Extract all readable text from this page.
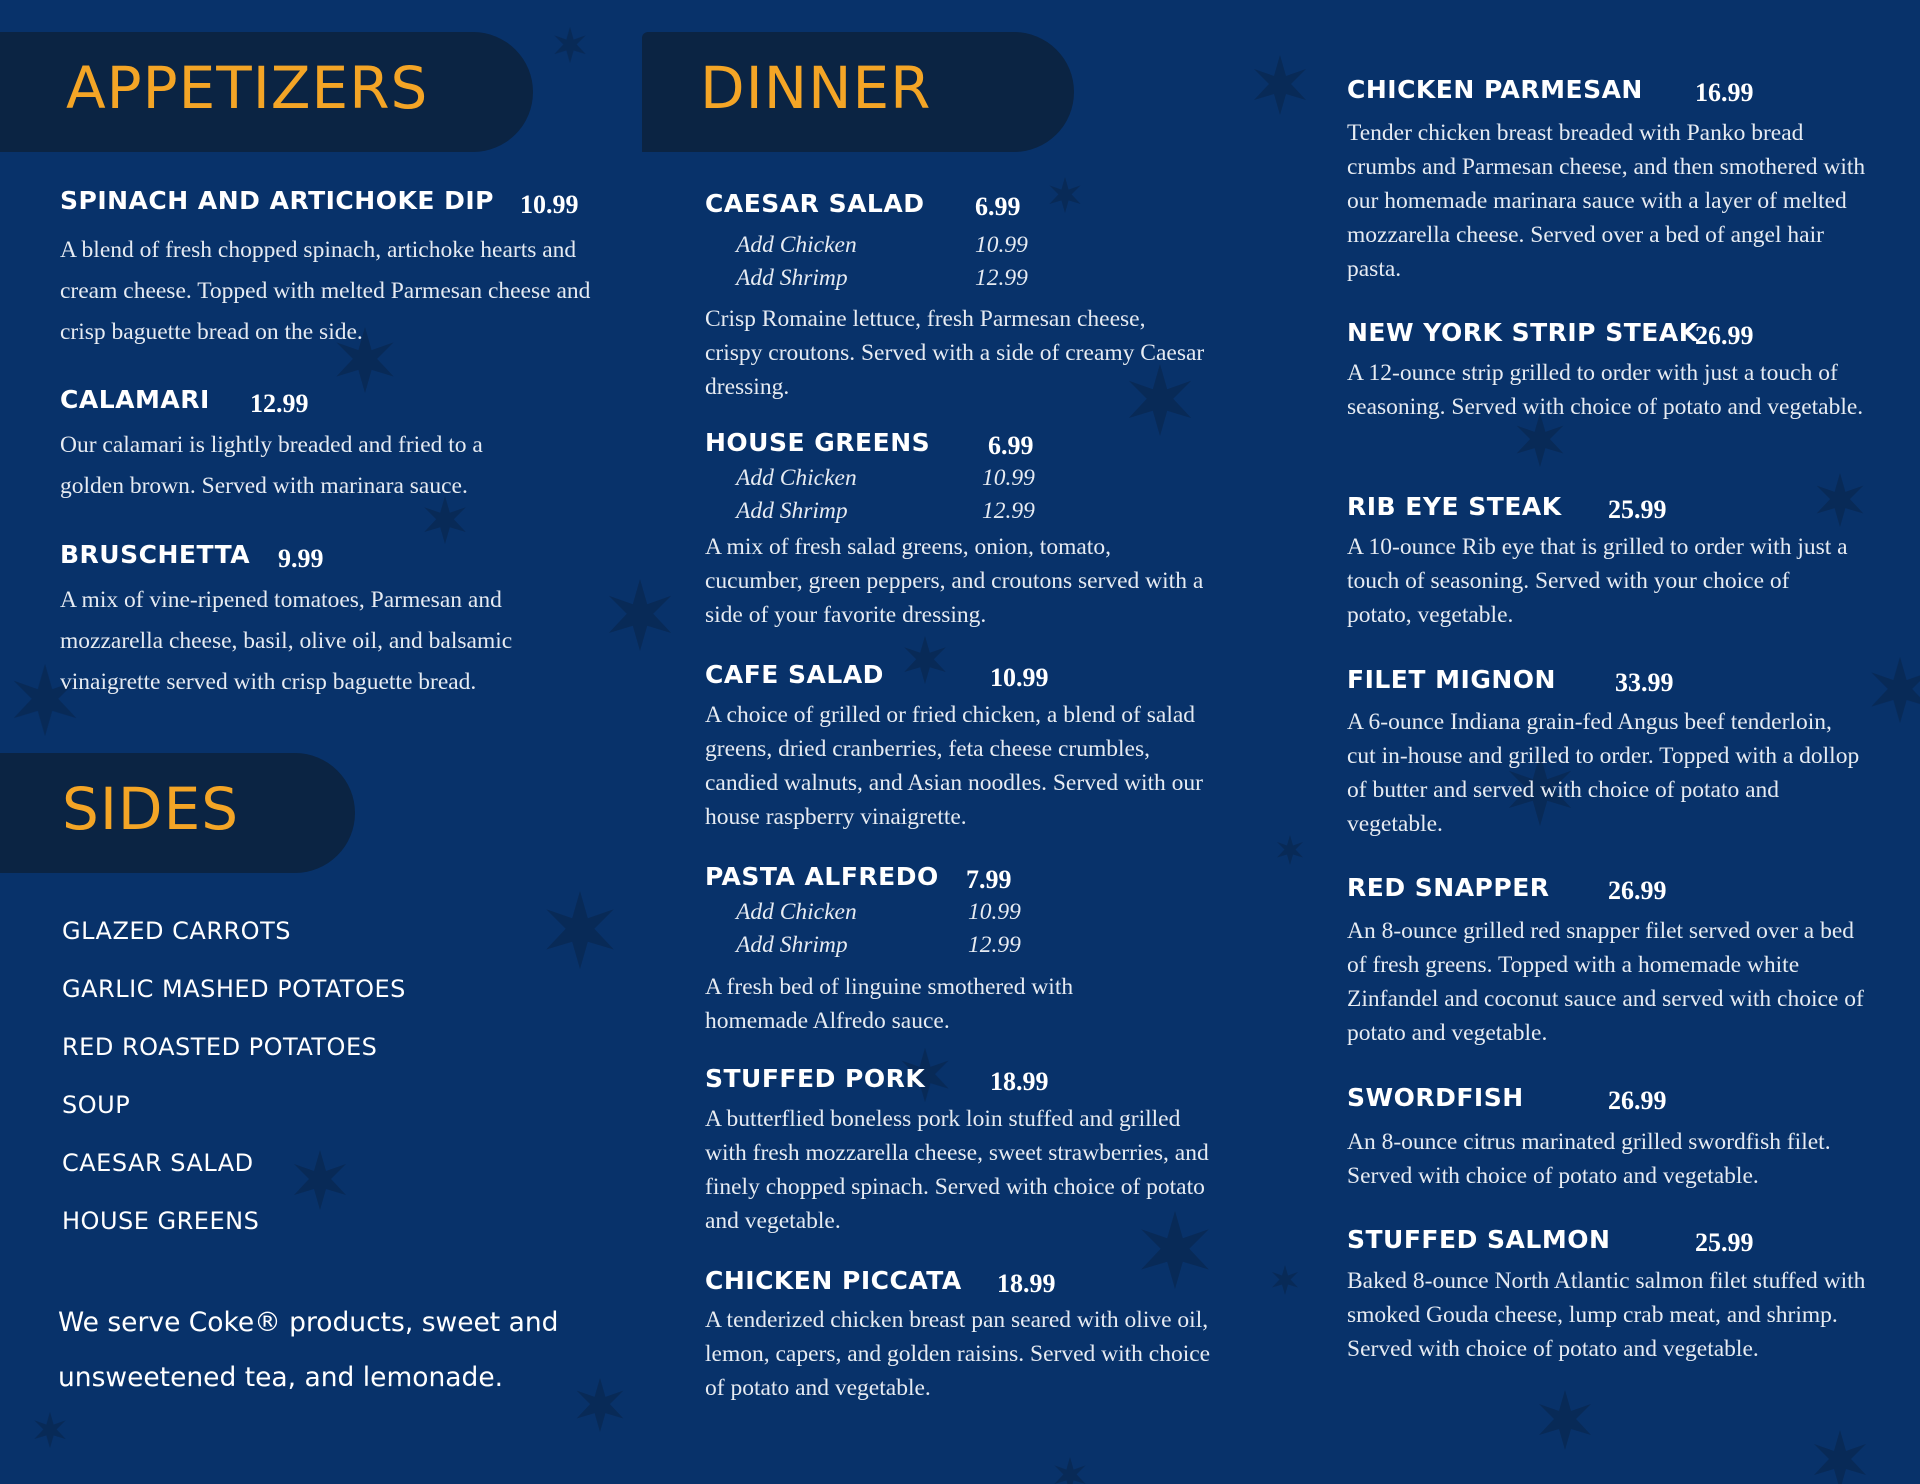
APPETIZERS
SPINACH AND ARTICHOKE DIP 10.99
A blend of fresh chopped spinach, artichoke hearts and cream cheese. Topped with melted Parmesan cheese and crisp baguette bread on the side.
CALAMARI 12.99
Our calamari is lightly breaded and fried to a golden brown. Served with marinara sauce.
BRUSCHETTA 9.99
A mix of vine-ripened tomatoes, Parmesan and mozzarella cheese, basil, olive oil, and balsamic vinaigrette served with crisp baguette bread.
SIDES
GLAZED CARROTS
GARLIC MASHED POTATOES
RED ROASTED POTATOES
SOUP
CAESAR SALAD
HOUSE GREENS
We serve Coke® products, sweet and unsweetened tea, and lemonade.
DINNER
CAESAR SALAD 6.99
Add Chicken	10.99
Add Shrimp	12.99
Crisp Romaine lettuce, fresh Parmesan cheese, crispy croutons. Served with a side of creamy Caesar dressing.
HOUSE GREENS 6.99
Add Chicken	10.99
Add Shrimp	12.99
A mix of fresh salad greens, onion, tomato, cucumber, green peppers, and croutons served with a side of your favorite dressing.
CAFE SALAD	10.99
A choice of grilled or fried chicken, a blend of salad greens, dried cranberries, feta cheese crumbles, candied walnuts, and Asian noodles. Served with our house raspberry vinaigrette.
PASTA ALFREDO 7.99
Add Chicken	10.99
Add Shrimp	12.99
A fresh bed of linguine smothered with homemade Alfredo sauce.
STUFFED PORK 18.99
A butterflied boneless pork loin stuffed and grilled with fresh mozzarella cheese, sweet strawberries, and finely chopped spinach. Served with choice of potato and vegetable.
CHICKEN PICCATA 18.99
A tenderized chicken breast pan seared with olive oil, lemon, capers, and golden raisins. Served with choice of potato and vegetable.
CHICKEN PARMESAN 16.99
Tender chicken breast breaded with Panko bread crumbs and Parmesan cheese, and then smothered with our homemade marinara sauce with a layer of melted mozzarella cheese. Served over a bed of angel hair pasta.
NEW YORK STRIP STEAK
26.99
A 12-ounce strip grilled to order with just a touch of seasoning. Served with choice of potato and vegetable.
RIB EYE STEAK 25.99
A 10-ounce Rib eye that is grilled to order with just a touch of seasoning. Served with your choice of potato, vegetable.
FILET MIGNON 33.99
A 6-ounce Indiana grain-fed Angus beef tenderloin, cut in-house and grilled to order. Topped with a dollop of butter and served with choice of potato and vegetable.
RED SNAPPER 26.99
An 8-ounce grilled red snapper filet served over a bed of fresh greens. Topped with a homemade white Zinfandel and coconut sauce and served with choice of potato and vegetable.
SWORDFISH	26.99
An 8-ounce citrus marinated grilled swordfish filet. Served with choice of potato and vegetable.
STUFFED SALMON	25.99
Baked 8-ounce North Atlantic salmon filet stuffed with smoked Gouda cheese, lump crab meat, and shrimp. Served with choice of potato and vegetable.
